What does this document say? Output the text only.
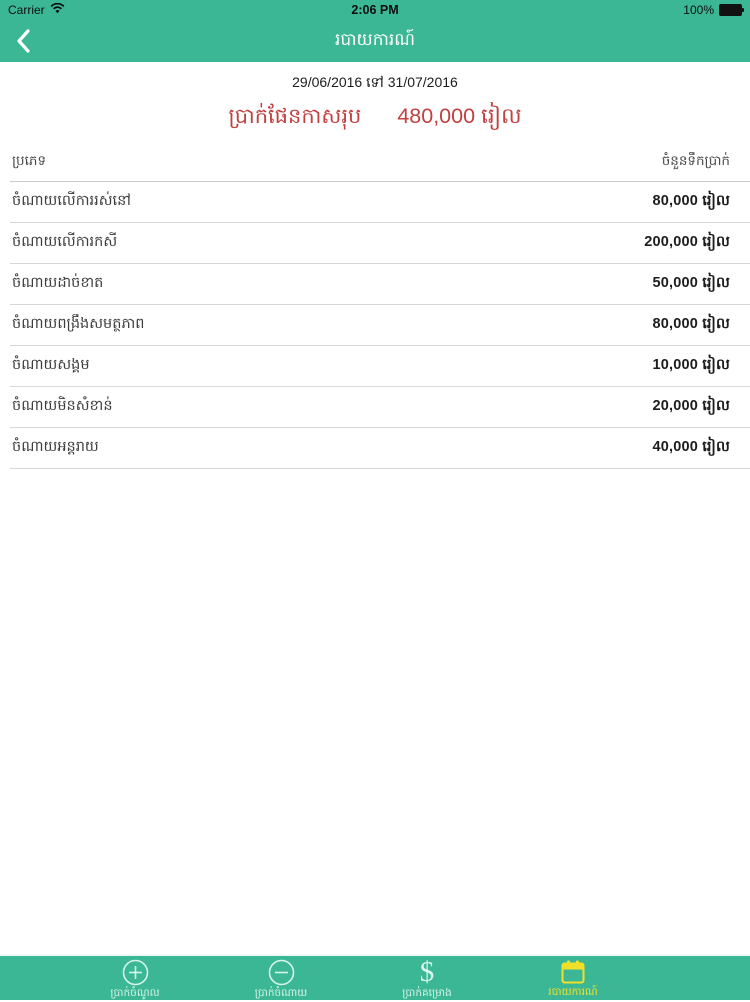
Carrier	2:06 PM	100%
របាយការណ៍
29/06/2016 ទៅ 31/07/2016
ប្រាក់ផែនកាសរុប 480,000 រៀល
ប្រភេទ	ចំនួនទឹកប្រាក់
ចំណាយលើការរស់នៅ	80,000 រៀល
ចំណាយលើការកសី	200,000 រៀល
ចំណាយដាច់ខាត	50,000 រៀល
ចំណាយពង្រឹងសមត្ថភាព	80,000 រៀល
ចំណាយសង្គម	10,000 រៀល
ចំណាយមិនសំខាន់	20,000 រៀល
ចំណាយអន្តរាយ	40,000 រៀល
ប្រាក់ចំណូល	ប្រាក់ចំណាយ
$
ប្រាក់គម្រោង	របាយការណ៍
